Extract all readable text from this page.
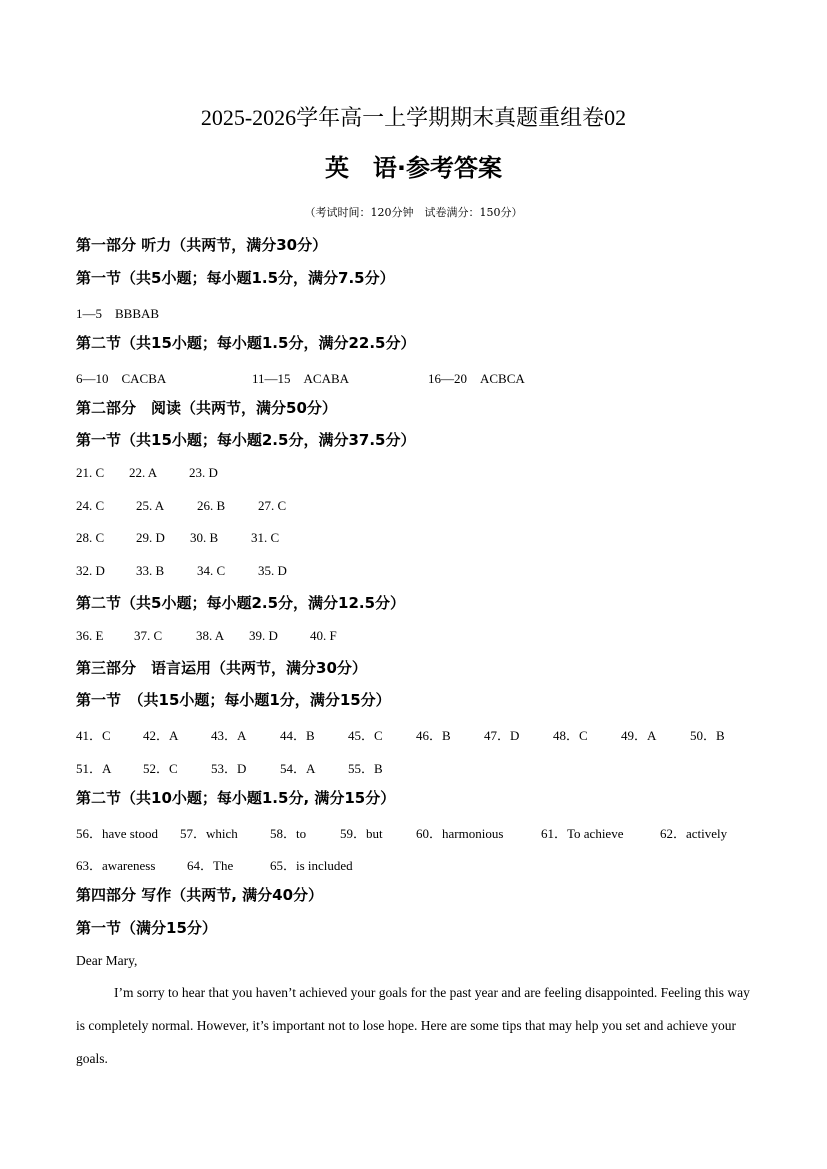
2025-2026学年高一上学期期末真题重组卷02
英　语·参考答案
（考试时间：120分钟　试卷满分：150分）
第一部分 听力（共两节，满分30分）
第一节（共5小题；每小题1.5分，满分7.5分）
1—5　BBBAB
第二节（共15小题；每小题1.5分，满分22.5分）
6—10　CACBA	11—15　ACABA	16—20　ACBCA
第二部分　阅读（共两节，满分50分）
第一节（共15小题；每小题2.5分，满分37.5分）
21. C 22. A 23. D
24. C 25. A	26. B	27. C
28. C 29. D 30. B	31. C
32. D 33. B	34. C	35. D
第二节（共5小题；每小题2.5分，满分12.5分）
36. E 37. C	38. A 39. D 40. F
第三部分　语言运用（共两节，满分30分）
第一节　（共15小题；每小题1分，满分15分）
41．C 42．A	43．A	44．B	45．C	46．B	47．D	48．C	49．A	50．B
51．A 52．C	53．D	54．A	55．B
第二节（共10小题；每小题1.5分, 满分15分）
56．have stood 57．which 58．to	59．but	60．harmonious	61．To achieve	62．actively
63．awareness 64．The	65．is included
第四部分 写作（共两节, 满分40分）
第一节（满分15分）
Dear Mary,
I’m sorry to hear that you haven’t achieved your goals for the past year and are feeling disappointed. Feeling this way is completely normal. However, it’s important not to lose hope. Here are some tips that may help you set and achieve your goals.
